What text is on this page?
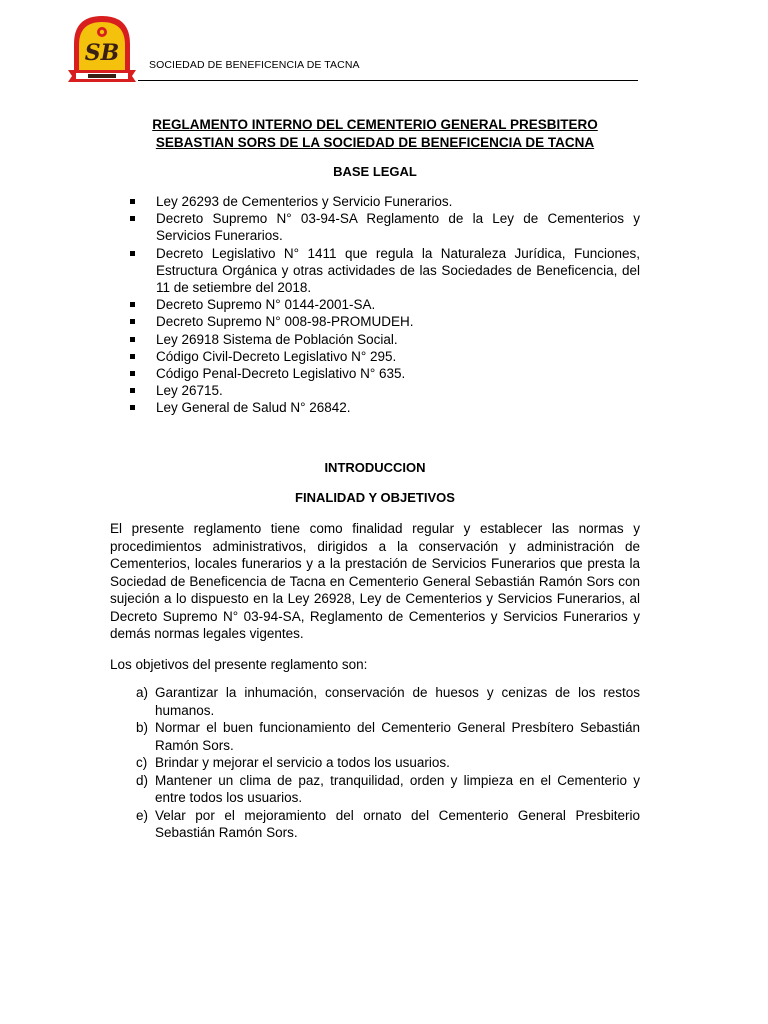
SB	SOCIEDAD DE BENEFICENCIA DE TACNA
REGLAMENTO INTERNO DEL CEMENTERIO GENERAL PRESBITERO
SEBASTIAN SORS DE LA SOCIEDAD DE BENEFICENCIA DE TACNA
BASE LEGAL
Ley 26293 de Cementerios y Servicio Funerarios.
Decreto Supremo N° 03-94-SA Reglamento de la Ley de Cementerios y Servicios Funerarios.
Decreto Legislativo N° 1411 que regula la Naturaleza Jurídica, Funciones, Estructura Orgánica y otras actividades de las Sociedades de Beneficencia, del 11 de setiembre del 2018.
Decreto Supremo N° 0144-2001-SA.
Decreto Supremo N° 008-98-PROMUDEH.
Ley 26918 Sistema de Población Social.
Código Civil-Decreto Legislativo N° 295.
Código Penal-Decreto Legislativo N° 635.
Ley 26715.
Ley General de Salud N° 26842.
INTRODUCCION
FINALIDAD Y OBJETIVOS

El presente reglamento tiene como finalidad regular y establecer las normas y procedimientos administrativos, dirigidos a la conservación y administración de Cementerios, locales funerarios y a la prestación de Servicios Funerarios que presta la Sociedad de Beneficencia de Tacna en Cementerio General Sebastián Ramón Sors con sujeción a lo dispuesto en la Ley 26928, Ley de Cementerios y Servicios Funerarios, al Decreto Supremo N° 03-94-SA, Reglamento de Cementerios y Servicios Funerarios y demás normas legales vigentes.

Los objetivos del presente reglamento son:

a) Garantizar la inhumación, conservación de huesos y cenizas de los restos humanos.
b) Normar el buen funcionamiento del Cementerio General Presbítero Sebastián Ramón Sors.
c) Brindar y mejorar el servicio a todos los usuarios.
d) Mantener un clima de paz, tranquilidad, orden y limpieza en el Cementerio y entre todos los usuarios.
e) Velar por el mejoramiento del ornato del Cementerio General Presbiterio Sebastián Ramón Sors.
